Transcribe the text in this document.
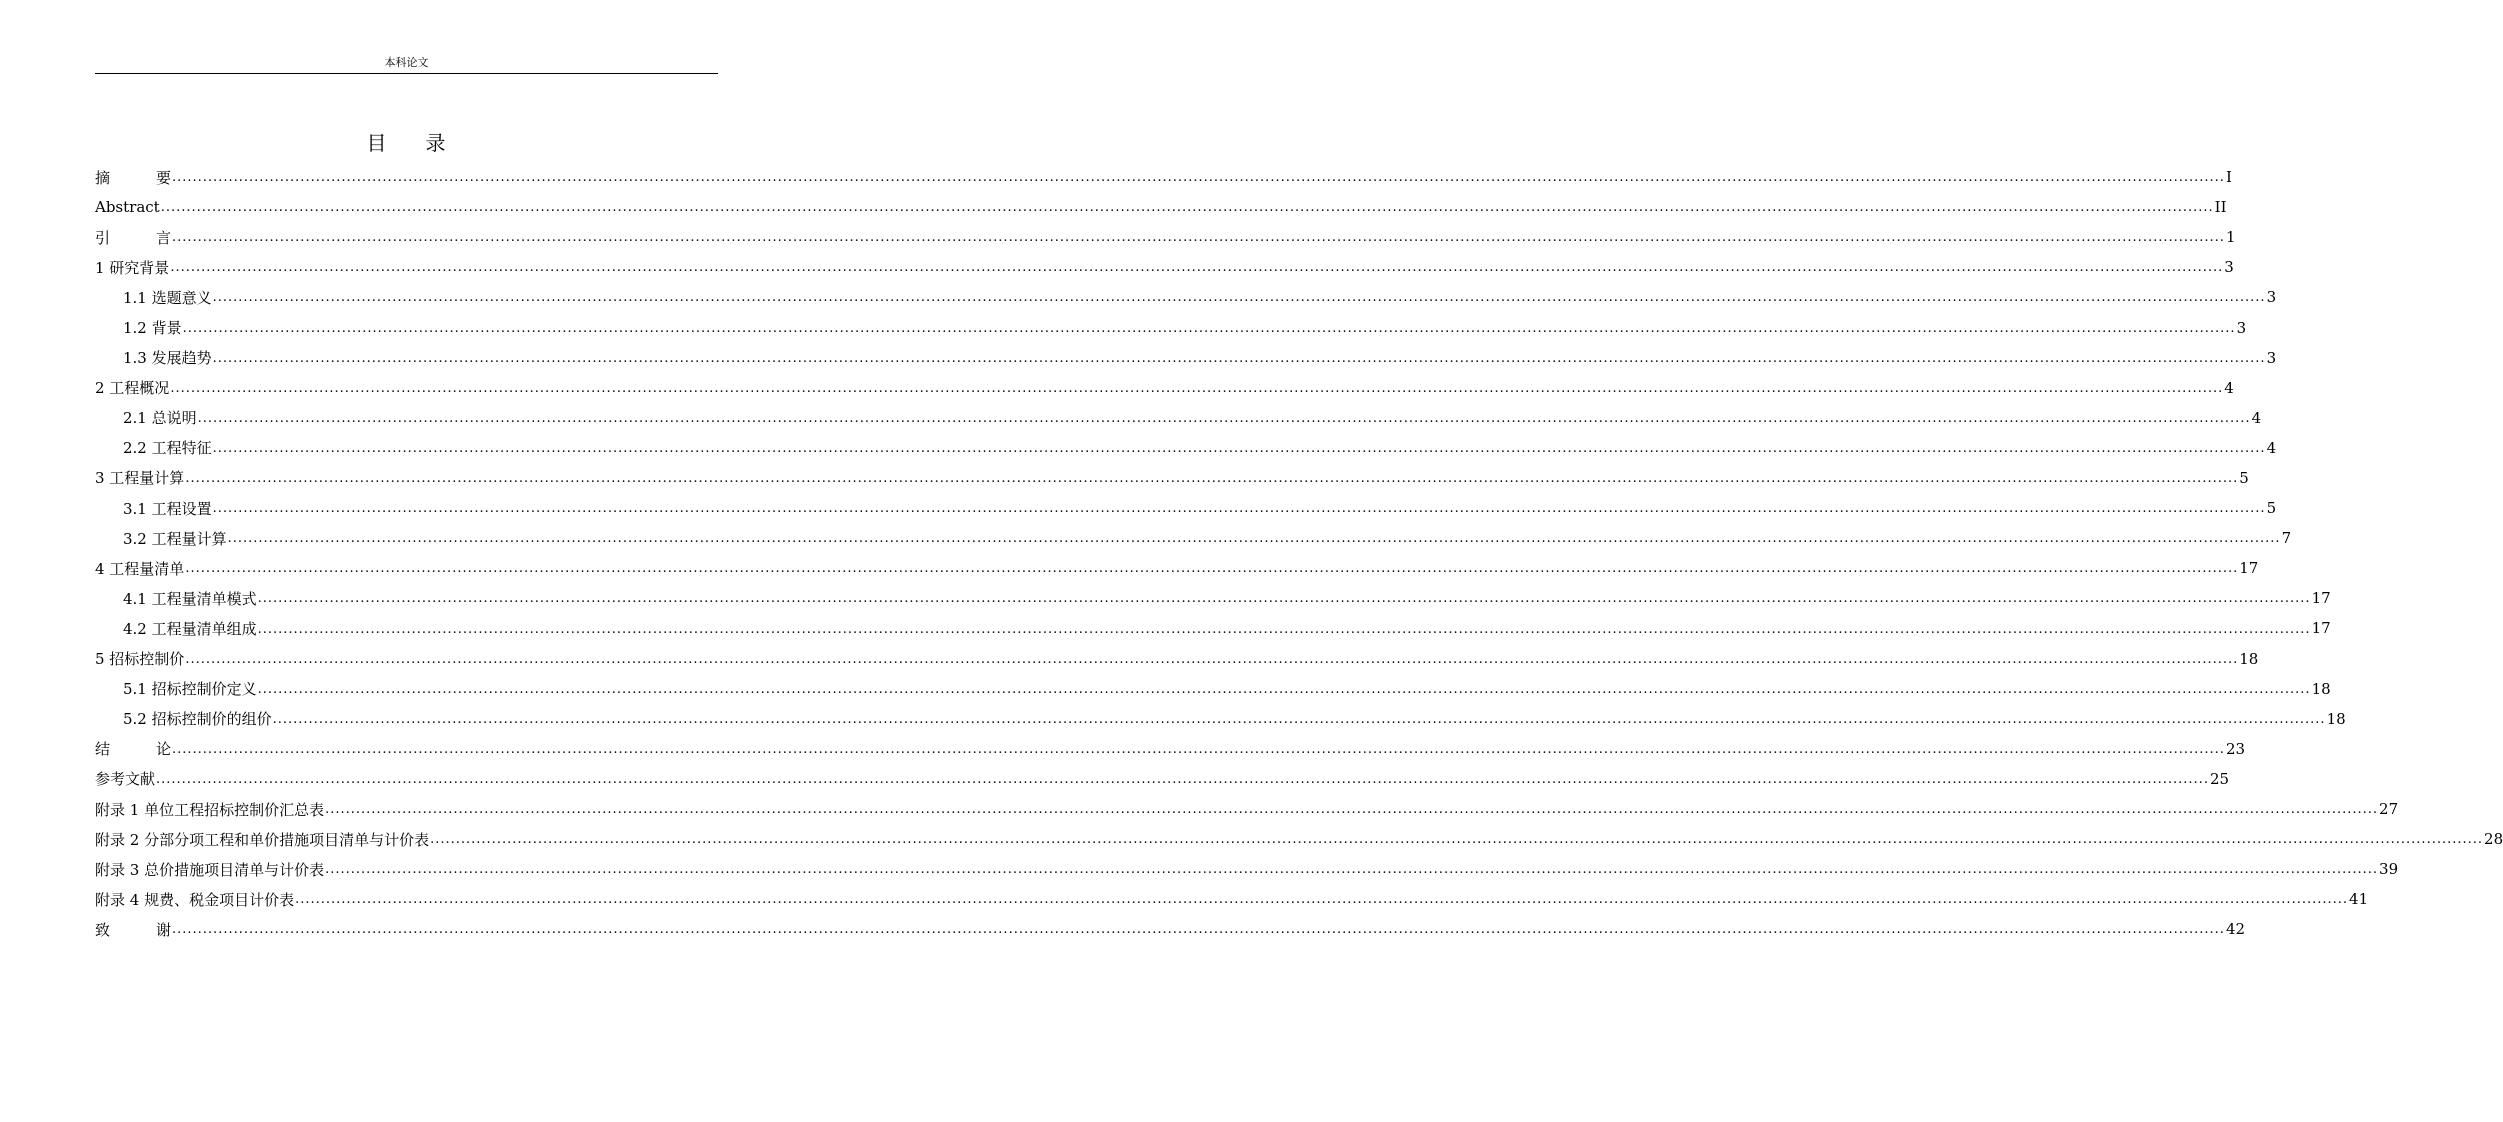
本科论文
目 录
摘	要 ................................................................................................................................................................................................................................................................................................................................................................................................................ I
Abstract ................................................................................................................................................................................................................................................................................................................................................................................................................ II
引	言 ................................................................................................................................................................................................................................................................................................................................................................................................................ 1
1 研究背景 ................................................................................................................................................................................................................................................................................................................................................................................................................ 3
1.1 选题意义 ................................................................................................................................................................................................................................................................................................................................................................................................................ 3
1.2 背景 ................................................................................................................................................................................................................................................................................................................................................................................................................ 3
1.3 发展趋势 ................................................................................................................................................................................................................................................................................................................................................................................................................ 3
2 工程概况 ................................................................................................................................................................................................................................................................................................................................................................................................................ 4
2.1 总说明 ................................................................................................................................................................................................................................................................................................................................................................................................................ 4
2.2 工程特征 ................................................................................................................................................................................................................................................................................................................................................................................................................ 4
3 工程量计算 ................................................................................................................................................................................................................................................................................................................................................................................................................ 5
3.1 工程设置 ................................................................................................................................................................................................................................................................................................................................................................................................................ 5
3.2 工程量计算 ................................................................................................................................................................................................................................................................................................................................................................................................................ 7
4 工程量清单 ................................................................................................................................................................................................................................................................................................................................................................................................................ 17
4.1 工程量清单模式 ................................................................................................................................................................................................................................................................................................................................................................................................................ 17
4.2 工程量清单组成 ................................................................................................................................................................................................................................................................................................................................................................................................................ 17
5 招标控制价 ................................................................................................................................................................................................................................................................................................................................................................................................................ 18
5.1 招标控制价定义 ................................................................................................................................................................................................................................................................................................................................................................................................................ 18
5.2 招标控制价的组价 ................................................................................................................................................................................................................................................................................................................................................................................................................ 18
结	论 ................................................................................................................................................................................................................................................................................................................................................................................................................ 23
参考文献 ................................................................................................................................................................................................................................................................................................................................................................................................................ 25
附录 1 单位工程招标控制价汇总表 ................................................................................................................................................................................................................................................................................................................................................................................................................ 27
附录 2 分部分项工程和单价措施项目清单与计价表 ................................................................................................................................................................................................................................................................................................................................................................................................................ 28
附录 3 总价措施项目清单与计价表 ................................................................................................................................................................................................................................................................................................................................................................................................................ 39
附录 4 规费、税金项目计价表 ................................................................................................................................................................................................................................................................................................................................................................................................................ 41
致	谢 ................................................................................................................................................................................................................................................................................................................................................................................................................ 42
